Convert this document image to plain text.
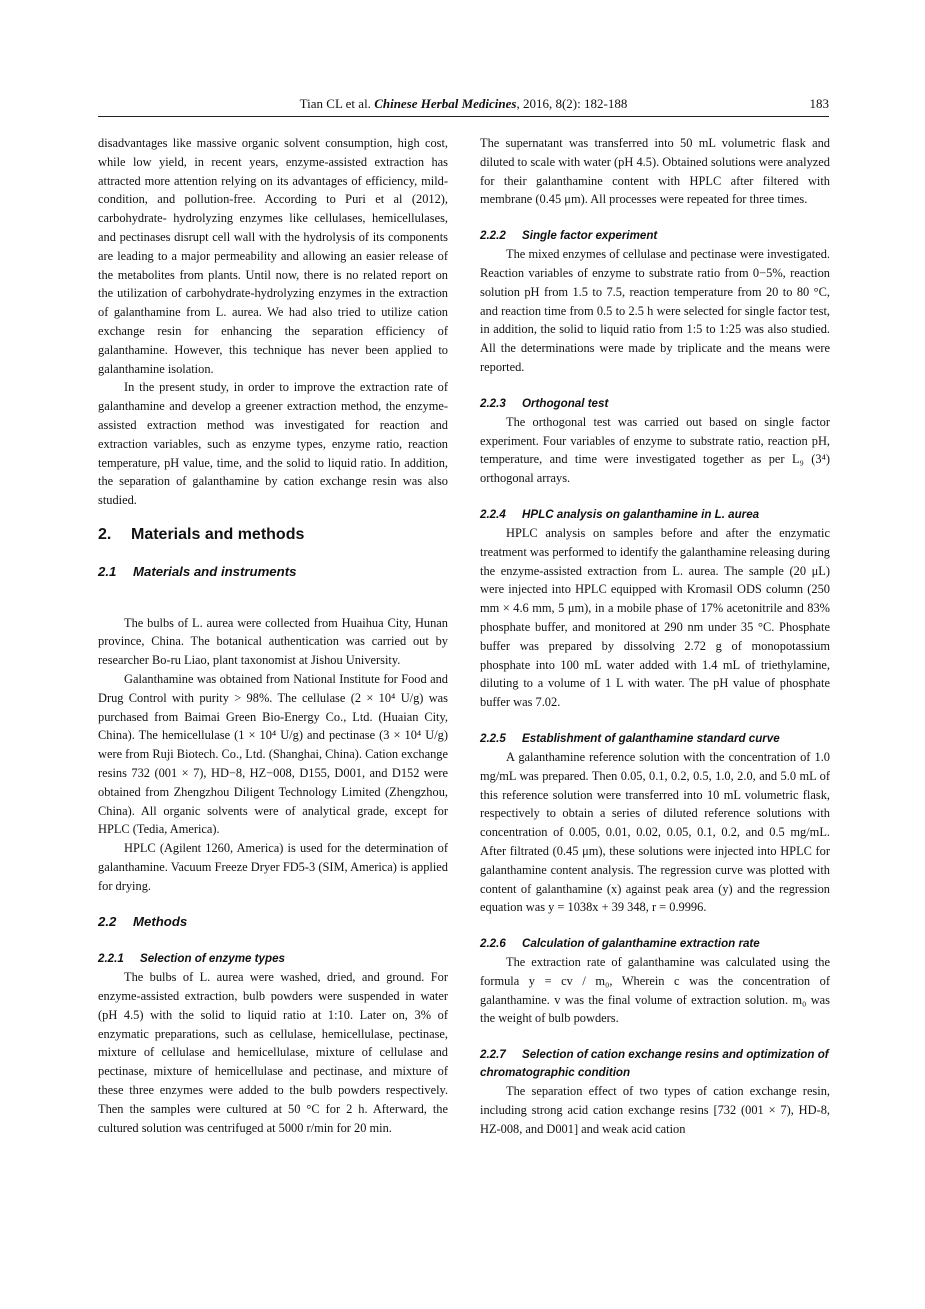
Tian CL et al. Chinese Herbal Medicines, 2016, 8(2): 182-188	183

disadvantages like massive organic solvent consumption, high cost, while low yield, in recent years, enzyme-assisted extraction has attracted more attention relying on its advantages of efficiency, mild-condition, and pollution-free. According to Puri et al (2012), carbohydrate- hydrolyzing enzymes like cellulases, hemicellulases, and pectinases disrupt cell wall with the hydrolysis of its components are leading to a major permeability and allowing an easier release of the metabolites from plants. Until now, there is no related report on the utilization of carbohydrate-hydrolyzing enzymes in the extraction of galanthamine from L. aurea. We had also tried to utilize cation exchange resin for enhancing the separation efficiency of galanthamine. However, this technique has never been applied to galanthamine isolation.

In the present study, in order to improve the extraction rate of galanthamine and develop a greener extraction method, the enzyme-assisted extraction method was investigated for reaction and extraction variables, such as enzyme types, enzyme ratio, reaction temperature, pH value, time, and the solid to liquid ratio. In addition, the separation of galanthamine by cation exchange resin was also studied.

2. Materials and methods
2.1 Materials and instruments

The bulbs of L. aurea were collected from Huaihua City, Hunan province, China. The botanical authentication was carried out by researcher Bo-ru Liao, plant taxonomist at Jishou University.

Galanthamine was obtained from National Institute for Food and Drug Control with purity > 98%. The cellulase (2 × 10⁴ U/g) was purchased from Baimai Green Bio-Energy Co., Ltd. (Huaian City, China). The hemicellulase (1 × 10⁴ U/g) and pectinase (3 × 10⁴ U/g) were from Ruji Biotech. Co., Ltd. (Shanghai, China). Cation exchange resins 732 (001 × 7), HD−8, HZ−008, D155, D001, and D152 were obtained from Zhengzhou Diligent Technology Limited (Zhengzhou, China). All organic solvents were of analytical grade, except for HPLC (Tedia, America).

HPLC (Agilent 1260, America) is used for the determination of galanthamine. Vacuum Freeze Dryer FD5-3 (SIM, America) is applied for drying.

2.2 Methods
2.2.1 Selection of enzyme types

The bulbs of L. aurea were washed, dried, and ground. For enzyme-assisted extraction, bulb powders were suspended in water (pH 4.5) with the solid to liquid ratio at 1:10. Later on, 3% of enzymatic preparations, such as cellulase, hemicellulase, pectinase, mixture of cellulase and hemicellulase, mixture of cellulase and pectinase, mixture of hemicellulase and pectinase, and mixture of these three enzymes were added to the bulb powders respectively. Then the samples were cultured at 50 °C for 2 h. Afterward, the cultured solution was centrifuged at 5000 r/min for 20 min.

The supernatant was transferred into 50 mL volumetric flask and diluted to scale with water (pH 4.5). Obtained solutions were analyzed for their galanthamine content with HPLC after filtered with membrane (0.45 μm). All processes were repeated for three times.

2.2.2 Single factor experiment

The mixed enzymes of cellulase and pectinase were investigated. Reaction variables of enzyme to substrate ratio from 0−5%, reaction solution pH from 1.5 to 7.5, reaction temperature from 20 to 80 °C, and reaction time from 0.5 to 2.5 h were selected for single factor test, in addition, the solid to liquid ratio from 1:5 to 1:25 was also studied. All the determinations were made by triplicate and the means were reported.

2.2.3 Orthogonal test

The orthogonal test was carried out based on single factor experiment. Four variables of enzyme to substrate ratio, reaction pH, temperature, and time were investigated together as per L₉ (3⁴) orthogonal arrays.

2.2.4 HPLC analysis on galanthamine in L. aurea

HPLC analysis on samples before and after the enzymatic treatment was performed to identify the galanthamine releasing during the enzyme-assisted extraction from L. aurea. The sample (20 μL) were injected into HPLC equipped with Kromasil ODS column (250 mm × 4.6 mm, 5 μm), in a mobile phase of 17% acetonitrile and 83% phosphate buffer, and monitored at 290 nm under 35 °C. Phosphate buffer was prepared by dissolving 2.72 g of monopotassium phosphate into 100 mL water added with 1.4 mL of triethylamine, diluting to a volume of 1 L with water. The pH value of phosphate buffer was 7.02.

2.2.5 Establishment of galanthamine standard curve

A galanthamine reference solution with the concentration of 1.0 mg/mL was prepared. Then 0.05, 0.1, 0.2, 0.5, 1.0, 2.0, and 5.0 mL of this reference solution were transferred into 10 mL volumetric flask, respectively to obtain a series of diluted reference solutions with concentration of 0.005, 0.01, 0.02, 0.05, 0.1, 0.2, and 0.5 mg/mL. After filtrated (0.45 μm), these solutions were injected into HPLC for galanthamine content analysis. The regression curve was plotted with content of galanthamine (x) against peak area (y) and the regression equation was y = 1038x + 39 348, r = 0.9996.

2.2.6 Calculation of galanthamine extraction rate

The extraction rate of galanthamine was calculated using the formula y = cv / m₀, Wherein c was the concentration of galanthamine. v was the final volume of extraction solution. m₀ was the weight of bulb powders.

2.2.7 Selection of cation exchange resins and optimization of chromatographic condition

The separation effect of two types of cation exchange resin, including strong acid cation exchange resins [732 (001 × 7), HD-8, HZ-008, and D001] and weak acid cation
